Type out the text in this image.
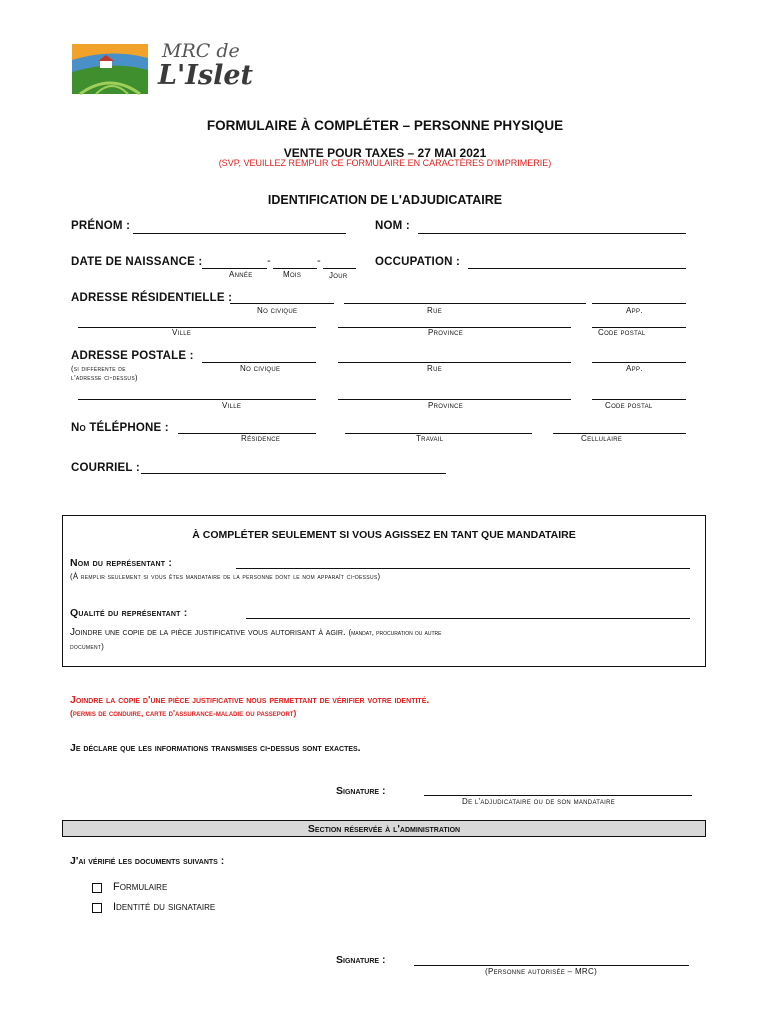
MRC de
L'Islet
FORMULAIRE À COMPLÉTER – PERSONNE PHYSIQUE
VENTE POUR TAXES – 27 MAI 2021
(SVP, VEUILLEZ REMPLIR CE FORMULAIRE EN CARACTÈRES D'IMPRIMERIE)
IDENTIFICATION DE L'ADJUDICATAIRE
PRÉNOM :	NOM :
DATE DE NAISSANCE :	-	-
Année	Mois	Jour
OCCUPATION :
ADRESSE RÉSIDENTIELLE :
No civique	Rue	App.
Ville	Province	Code postal
ADRESSE POSTALE :
(si différente de
l'adresse ci-dessus)
No civique	Rue	App.
Ville	Province	Code postal
No TÉLÉPHONE :
Résidence	Travail	Cellulaire
COURRIEL :
À COMPLÉTER SEULEMENT SI VOUS AGISSEZ EN TANT QUE MANDATAIRE
Nom du représentant :
(À remplir seulement si vous êtes mandataire de la personne dont le nom apparaît ci-dessus)
Qualité du représentant :
Joindre une copie de la pièce justificative vous autorisant à agir. (mandat, procuration ou autre
document)
Joindre la copie d'une pièce justificative nous permettant de vérifier votre identité.
(permis de conduire, carte d'assurance-maladie ou passeport)
Je déclare que les informations transmises ci-dessus sont exactes.
Signature :
De l'adjudicataire ou de son mandataire
Section réservée à l'administration
J'ai vérifié les documents suivants :
Formulaire
Identité du signataire
Signature :
(Personne autorisée – MRC)
